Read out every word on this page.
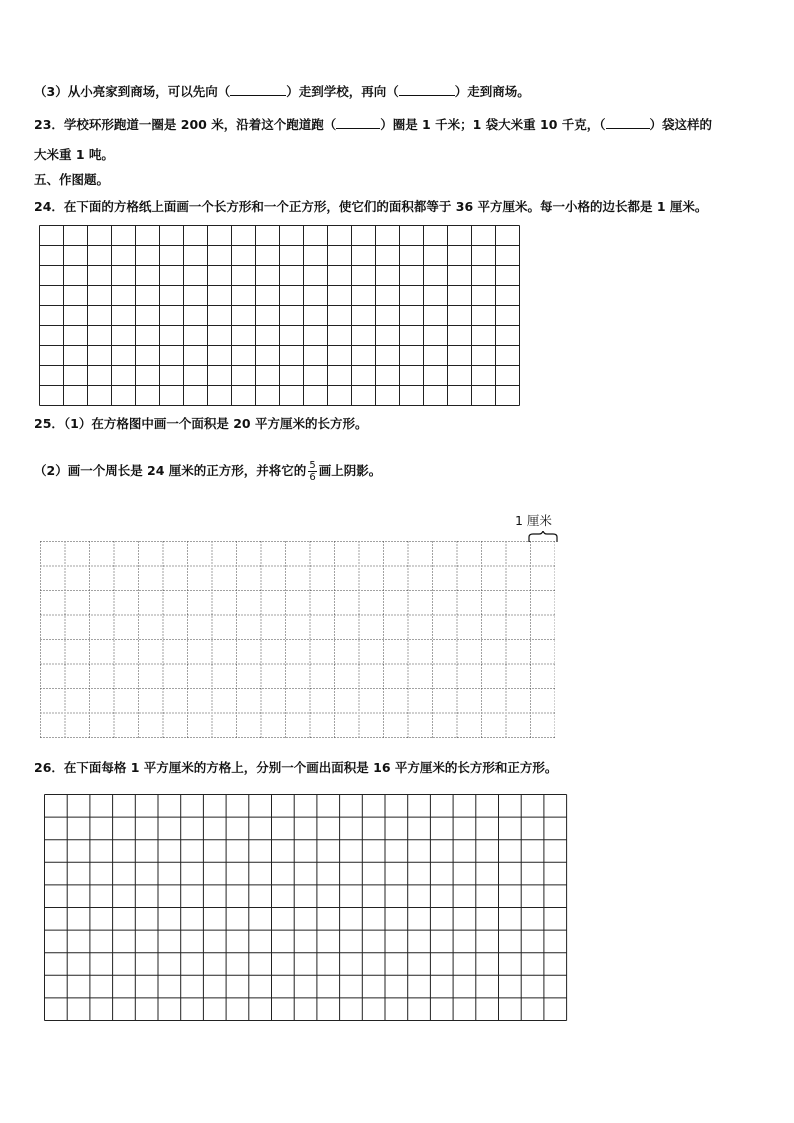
（3）从小亮家到商场，可以先向（	）走到学校，再向（	）走到商场。
23．学校环形跑道一圈是 200 米，沿着这个跑道跑（	）圈是 1 千米；1 袋大米重 10 千克，（	）袋这样的
大米重 1 吨。
五、作图题。
24．在下面的方格纸上面画一个长方形和一个正方形，使它们的面积都等于 36 平方厘米。每一小格的边长都是 1 厘米。
25．（1）在方格图中画一个面积是 20 平方厘米的长方形。
（2）画一个周长是 24 厘米的正方形，并将它的 $\frac{5}{6}$ 画上阴影。
1 厘米
26．在下面每格 1 平方厘米的方格上，分别一个画出面积是 16 平方厘米的长方形和正方形。
